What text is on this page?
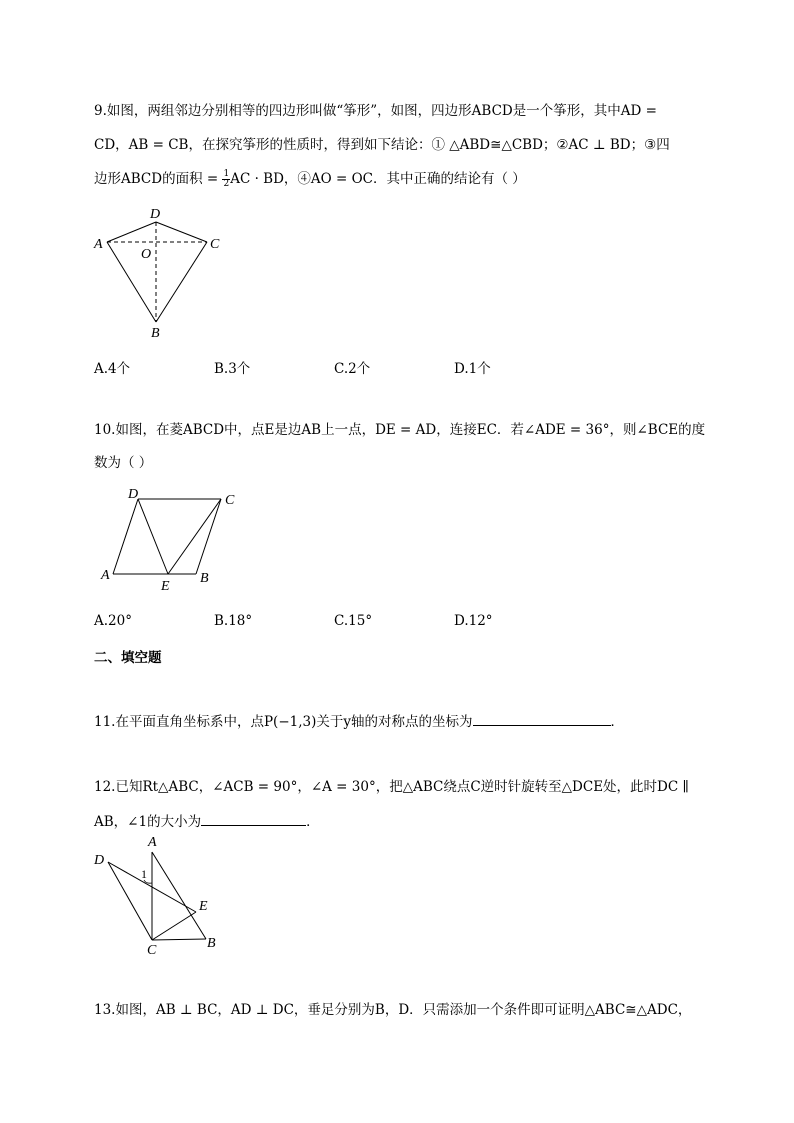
9.如图，两组邻边分别相等的四边形叫做“筝形”，如图，四边形ABCD是一个筝形，其中AD =
CD，AB = CB，在探究筝形的性质时，得到如下结论：① △ABD≅△CBD；②AC ⊥ BD；③四
边形ABCD的面积 = $\frac{1}{2}$ AC · BD，④AO = OC．其中正确的结论有（ ）
D
A	C
O
B
A.4个	B.3个	C.2个	D.1个
10.如图，在菱ABCD中，点E是边AB上一点，DE = AD，连接EC．若∠ADE = 36°，则∠BCE的度
数为（ ）
D	C
A
E
B
A.20°	B.18°	C.15°	D.12°
二、填空题
11.在平面直角坐标系中，点P(−1,3)关于y轴的对称点的坐标为	．
12.已知Rt△ABC，∠ACB = 90°，∠A = 30°，把△ABC绕点C逆时针旋转至△DCE处，此时DC ∥
AB，∠1的大小为	．
A
D
1
E
C	B
13.如图，AB ⊥ BC，AD ⊥ DC，垂足分别为B，D．只需添加一个条件即可证明△ABC≅△ADC，
